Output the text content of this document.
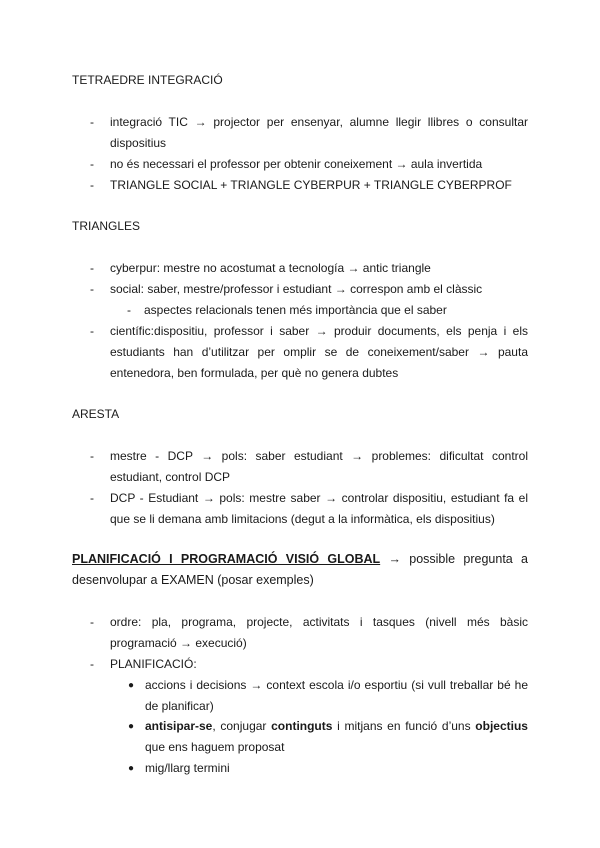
TETRAEDRE INTEGRACIÓ
- integració TIC → projector per ensenyar, alumne llegir llibres o consultar dispositius
- no és necessari el professor per obtenir coneixement → aula invertida
- TRIANGLE SOCIAL + TRIANGLE CYBERPUR + TRIANGLE CYBERPROF
TRIANGLES
- cyberpur: mestre no acostumat a tecnología → antic triangle
- social: saber, mestre/professor i estudiant → correspon amb el clàssic
- aspectes relacionals tenen més importància que el saber
- científic:dispositiu, professor i saber → produir documents, els penja i els estudiants han d’utilitzar per omplir se de coneixement/saber → pauta entenedora, ben formulada, per què no genera dubtes
ARESTA
- mestre - DCP → pols: saber estudiant → problemes: dificultat control estudiant, control DCP
- DCP - Estudiant → pols: mestre saber → controlar dispositiu, estudiant fa el que se li demana amb limitacions (degut a la informàtica, els dispositius)
PLANIFICACIÓ I PROGRAMACIÓ VISIÓ GLOBAL → possible pregunta a desenvolupar a EXAMEN (posar exemples)
- ordre: pla, programa, projecte, activitats i tasques (nivell més bàsic programació → execució)
- PLANIFICACIÓ:
● accions i decisions → context escola i/o esportiu (si vull treballar bé he de planificar)
● antisipar-se, conjugar continguts i mitjans en funció d’uns objectius que ens haguem proposat
● mig/llarg termini
